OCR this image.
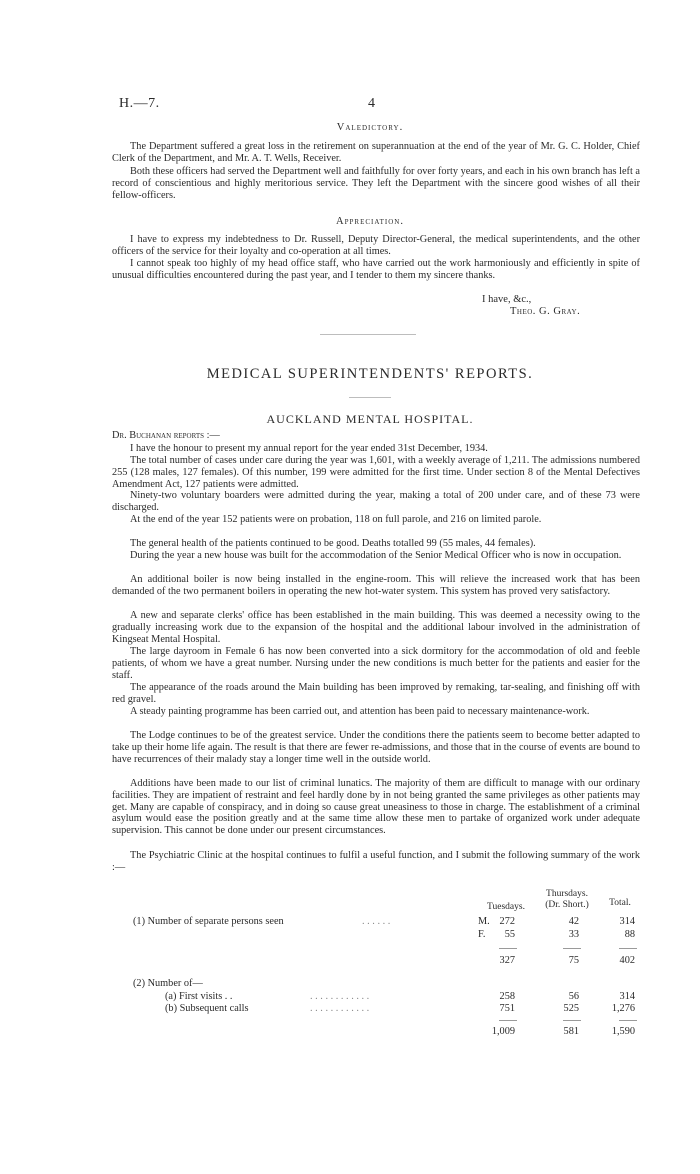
H.—7.	4
Valedictory.

The Department suffered a great loss in the retirement on superannuation at the end of the year of Mr. G. C. Holder, Chief Clerk of the Department, and Mr. A. T. Wells, Receiver.

Both these officers had served the Department well and faithfully for over forty years, and each in his own branch has left a record of conscientious and highly meritorious service. They left the Department with the sincere good wishes of all their fellow-officers.

Appreciation.

I have to express my indebtedness to Dr. Russell, Deputy Director-General, the medical superintendents, and the other officers of the service for their loyalty and co-operation at all times.

I cannot speak too highly of my head office staff, who have carried out the work harmoniously and efficiently in spite of unusual difficulties encountered during the past year, and I tender to them my sincere thanks.

I have, &c.,
Theo. G. Gray.
MEDICAL SUPERINTENDENTS' REPORTS.
AUCKLAND MENTAL HOSPITAL.

Dr. Buchanan reports :—

I have the honour to present my annual report for the year ended 31st December, 1934.

The total number of cases under care during the year was 1,601, with a weekly average of 1,211. The admissions numbered 255 (128 males, 127 females). Of this number, 199 were admitted for the first time. Under section 8 of the Mental Defectives Amendment Act, 127 patients were admitted.

Ninety-two voluntary boarders were admitted during the year, making a total of 200 under care, and of these 73 were discharged.

At the end of the year 152 patients were on probation, 118 on full parole, and 216 on limited parole.

The general health of the patients continued to be good. Deaths totalled 99 (55 males, 44 females).

During the year a new house was built for the accommodation of the Senior Medical Officer who is now in occupation.

An additional boiler is now being installed in the engine-room. This will relieve the increased work that has been demanded of the two permanent boilers in operating the new hot-water system. This system has proved very satisfactory.

A new and separate clerks' office has been established in the main building. This was deemed a necessity owing to the gradually increasing work due to the expansion of the hospital and the additional labour involved in the administration of Kingseat Mental Hospital.

The large dayroom in Female 6 has now been converted into a sick dormitory for the accommodation of old and feeble patients, of whom we have a great number. Nursing under the new conditions is much better for the patients and easier for the staff.

The appearance of the roads around the Main building has been improved by remaking, tar-sealing, and finishing off with red gravel.

A steady painting programme has been carried out, and attention has been paid to necessary maintenance-work.

The Lodge continues to be of the greatest service. Under the conditions there the patients seem to become better adapted to take up their home life again. The result is that there are fewer re-admissions, and those that in the course of events are bound to have recurrences of their malady stay a longer time well in the outside world.

Additions have been made to our list of criminal lunatics. The majority of them are difficult to manage with our ordinary facilities. They are impatient of restraint and feel hardly done by in not being granted the same privileges as other patients may get. Many are capable of conspiracy, and in doing so cause great uneasiness to those in charge. The establishment of a criminal asylum would ease the position greatly and at the same time allow these men to partake of organized work under adequate supervision. This cannot be done under our present circumstances.

The Psychiatric Clinic at the hospital continues to fulfil a useful function, and I submit the following summary of the work :—

Tuesdays.
Thursdays.
(Dr. Short.)	Total.
(1) Number of separate persons seen	. . . . . .	M. 272	42	314
F.	55	33	88
327	75	402
(2) Number of—
(a) First visits . .	. . . . . . . . . . . .	258	56	314
(b) Subsequent calls	. . . . . . . . . . . .	751	525	1,276
1,009	581	1,590
